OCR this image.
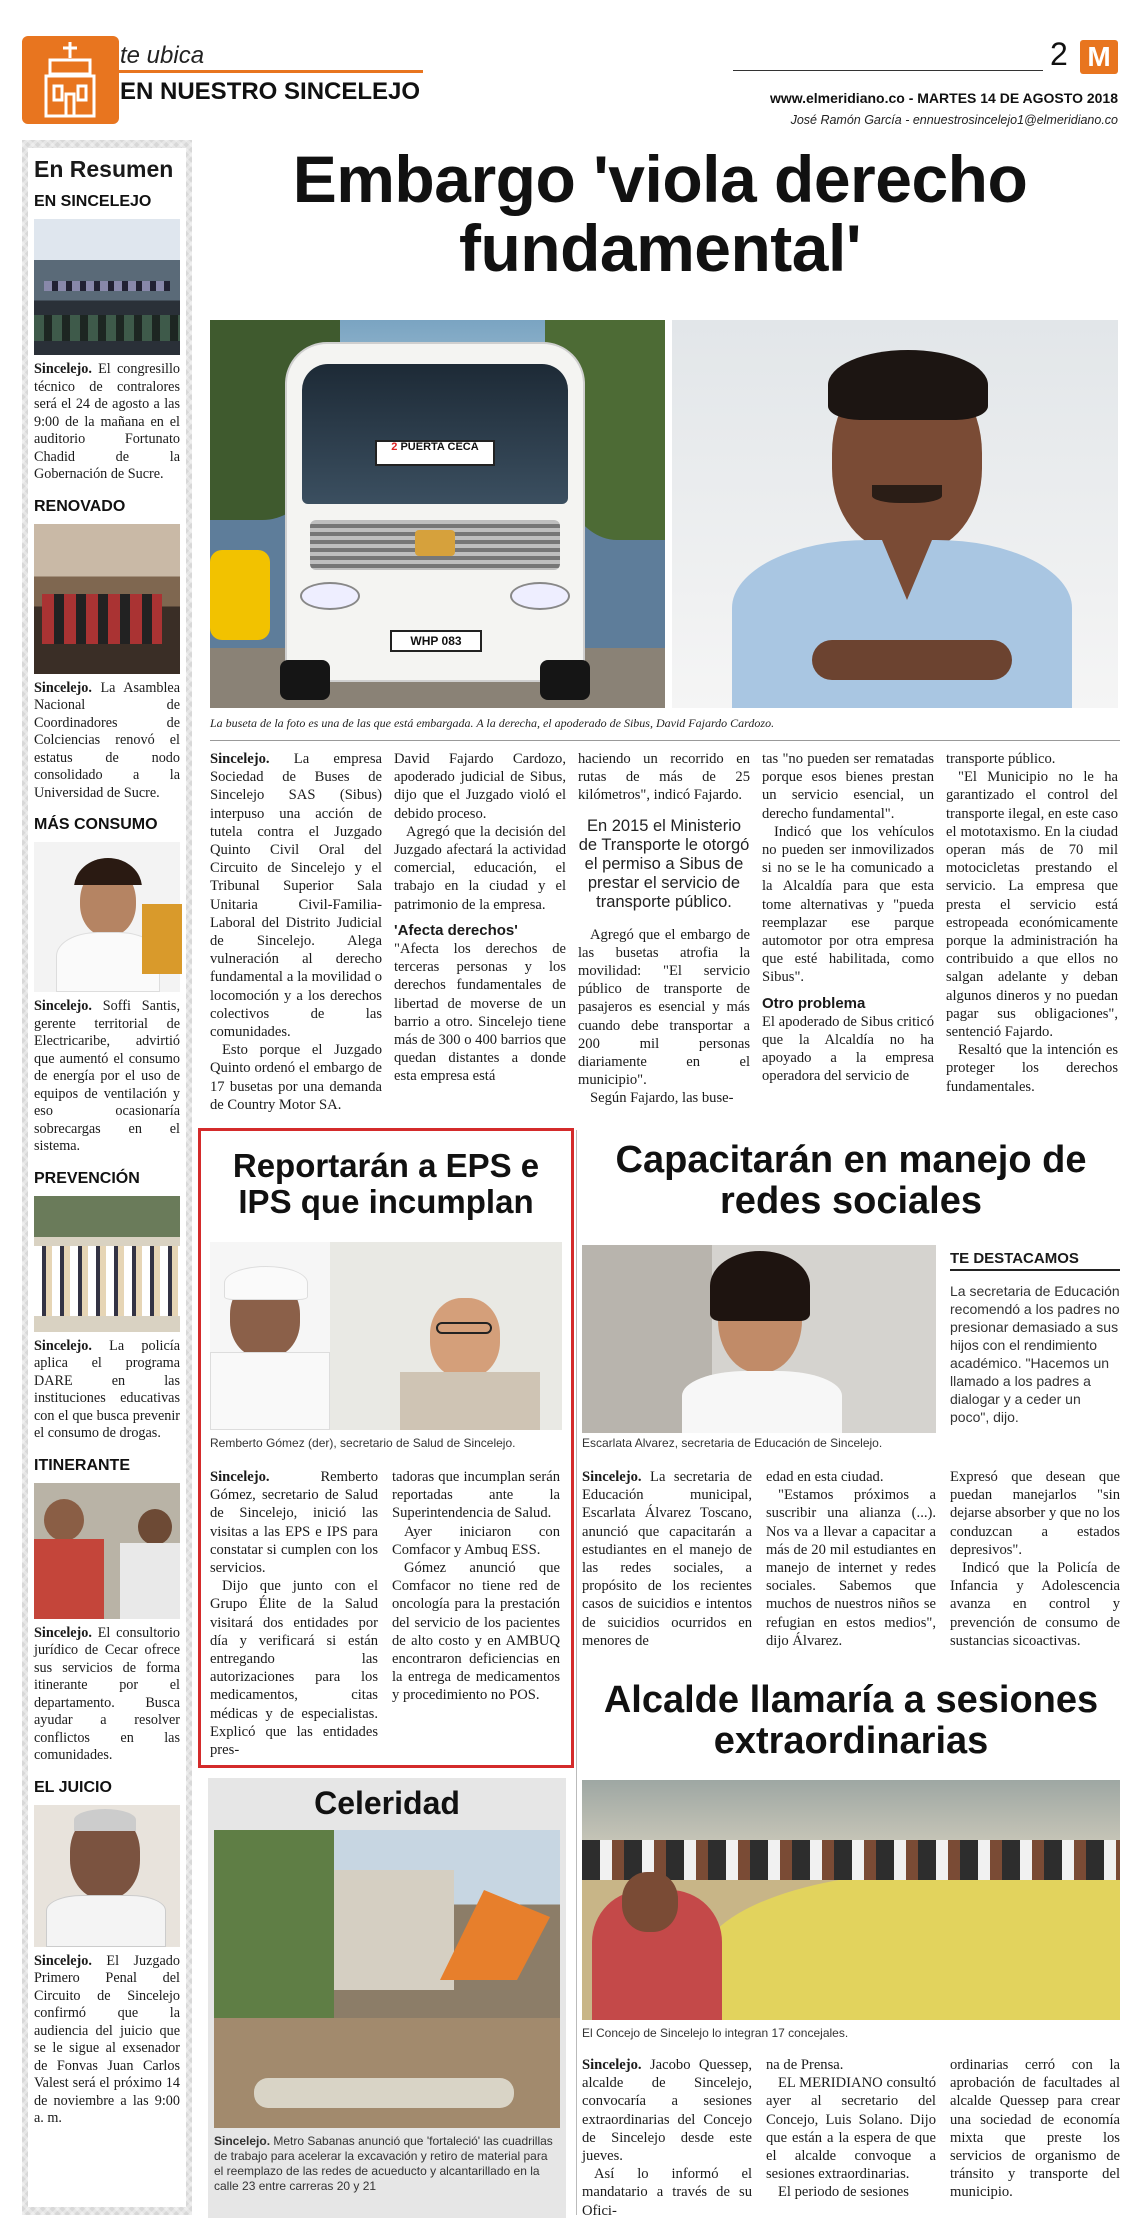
te ubica
EN NUESTRO SINCELEJO
2 M
www.elmeridiano.co - MARTES 14 DE AGOSTO 2018
José Ramón García - ennuestrosincelejo1@elmeridiano.co
En Resumen
EN SINCELEJO
Sincelejo. El congresillo técnico de contralores será el 24 de agosto a las 9:00 de la mañana en el auditorio Fortunato Chadid de la Gobernación de Sucre.
RENOVADO
Sincelejo. La Asamblea Nacional de Coordinadores de Colciencias renovó el estatus de nodo consolidado a la Universidad de Sucre.
MÁS CONSUMO
Sincelejo. Soffi Santis, gerente territorial de Electricaribe, advirtió que aumentó el consumo de energía por el uso de equipos de ventilación y eso ocasionaría sobrecargas en el sistema.
PREVENCIÓN
Sincelejo. La policía aplica el programa DARE en las instituciones educativas con el que busca prevenir el consumo de drogas.
ITINERANTE
Sincelejo. El consultorio jurídico de Cecar ofrece sus servicios de forma itinerante por el departamento. Busca ayudar a resolver conflictos en las comunidades.
EL JUICIO
Sincelejo. El Juzgado Primero Penal del Circuito de Sincelejo confirmó que la audiencia del juicio que se le sigue al exsenador de Fonvas Juan Carlos Valest será el próximo 14 de noviembre a las 9:00 a. m.
Embargo 'viola derecho fundamental'
2 PUERTA CECA
WHP 083
La buseta de la foto es una de las que está embargada. A la derecha, el apoderado de Sibus, David Fajardo Cardozo.

Sincelejo. La empresa Sociedad de Buses de Sincelejo SAS (Sibus) interpuso una acción de tutela contra el Juzgado Quinto Civil Oral del Circuito de Sincelejo y el Tribunal Superior Sala Unitaria Civil-Familia-Laboral del Distrito Judicial de Sincelejo. Alega vulneración al derecho fundamental a la movilidad o locomoción y a los derechos colectivos de las comunidades.

Esto porque el Juzgado Quinto ordenó el embargo de 17 busetas por una demanda de Country Motor SA.

David Fajardo Cardozo, apoderado judicial de Sibus, dijo que el Juzgado violó el debido proceso.

Agregó que la decisión del Juzgado afectará la actividad comercial, educación, el trabajo en la ciudad y el patrimonio de la empresa.

'Afecta derechos'

"Afecta los derechos de terceras personas y los derechos fundamentales de libertad de moverse de un barrio a otro. Sincelejo tiene más de 300 o 400 barrios que quedan distantes a donde esta empresa está

haciendo un recorrido en rutas de más de 25 kilómetros", indicó Fajardo.

En 2015 el Ministerio de Transporte le otorgó el permiso a Sibus de prestar el servicio de transporte público.

Agregó que el embargo de las busetas atrofia la movilidad: "El servicio público de transporte de pasajeros es esencial y más cuando debe transportar a 200 mil personas diariamente en el municipio".

Según Fajardo, las buse-

tas "no pueden ser rematadas porque esos bienes prestan un servicio esencial, un derecho fundamental".

Indicó que los vehículos no pueden ser inmovilizados si no se le ha comunicado a la Alcaldía para que esta tome alternativas y "pueda reemplazar ese parque automotor por otra empresa que esté habilitada, como Sibus".

Otro problema

El apoderado de Sibus criticó que la Alcaldía no ha apoyado a la empresa operadora del servicio de

transporte público.

"El Municipio no le ha garantizado el control del transporte ilegal, en este caso el mototaxismo. En la ciudad operan más de 70 mil motocicletas prestando el servicio. La empresa que presta el servicio está estropeada económicamente porque la administración ha contribuido a que ellos no salgan adelante y deban algunos dineros y no puedan pagar sus obligaciones", sentenció Fajardo.

Resaltó que la intención es proteger los derechos fundamentales.

Reportarán a EPS e IPS que incumplan
Remberto Gómez (der), secretario de Salud de Sincelejo.

Sincelejo.	Remberto Gómez, secretario de Salud de Sincelejo, inició las visitas a las EPS e IPS para constatar si cumplen con los servicios.

Dijo que junto con el Grupo Élite de la Salud visitará dos entidades por día y verificará si están entregando las autorizaciones para los medicamentos, citas médicas y de especialistas. Explicó que las entidades pres-

tadoras que incumplan serán reportadas ante la Superintendencia de Salud.

Ayer iniciaron con Comfacor y Ambuq ESS.

Gómez anunció que Comfacor no tiene red de oncología para la prestación del servicio de los pacientes de alto costo y en AMBUQ encontraron deficiencias en la entrega de medicamentos y procedimiento no POS.

Capacitarán en manejo de redes sociales
Escarlata Alvarez, secretaria de Educación de Sincelejo.
TE DESTACAMOS
La secretaria de Educación recomendó a los padres no presionar demasiado a sus hijos con el rendimiento académico. "Hacemos un llamado a los padres a dialogar y a ceder un poco", dijo.

Sincelejo. La secretaria de Educación municipal, Escarlata Álvarez Toscano, anunció que capacitarán a estudiantes en el manejo de las redes sociales, a propósito de los recientes casos de suicidios e intentos de suicidios ocurridos en menores de

edad en esta ciudad.

"Estamos próximos a suscribir una alianza (...). Nos va a llevar a capacitar a más de 20 mil estudiantes en manejo de internet y redes sociales. Sabemos que muchos de nuestros niños se refugian en estos medios", dijo Álvarez.

Expresó que desean que puedan manejarlos "sin dejarse absorber y que no los conduzcan a estados depresivos".

Indicó que la Policía de Infancia y Adolescencia avanza en control y prevención de consumo de sustancias sicoactivas.

Celeridad
Sincelejo. Metro Sabanas anunció que 'fortaleció' las cuadrillas de trabajo para acelerar la excavación y retiro de material para el reemplazo de las redes de acueducto y alcantarillado en la calle 23 entre carreras 20 y 21
Alcalde llamaría a sesiones extraordinarias
El Concejo de Sincelejo lo integran 17 concejales.

Sincelejo. Jacobo Quessep, alcalde de Sincelejo, convocaría a sesiones extraordinarias del Concejo de Sincelejo desde este jueves.

Así lo informó el mandatario a través de su Ofici-

na de Prensa.

EL MERIDIANO consultó ayer al secretario del Concejo, Luis Solano. Dijo que están a la espera de que el alcalde convoque a sesiones extraordinarias.

El periodo de sesiones

ordinarias cerró con la aprobación de facultades al alcalde Quessep para crear una sociedad de economía mixta que preste los servicios de organismo de tránsito y transporte del municipio.
